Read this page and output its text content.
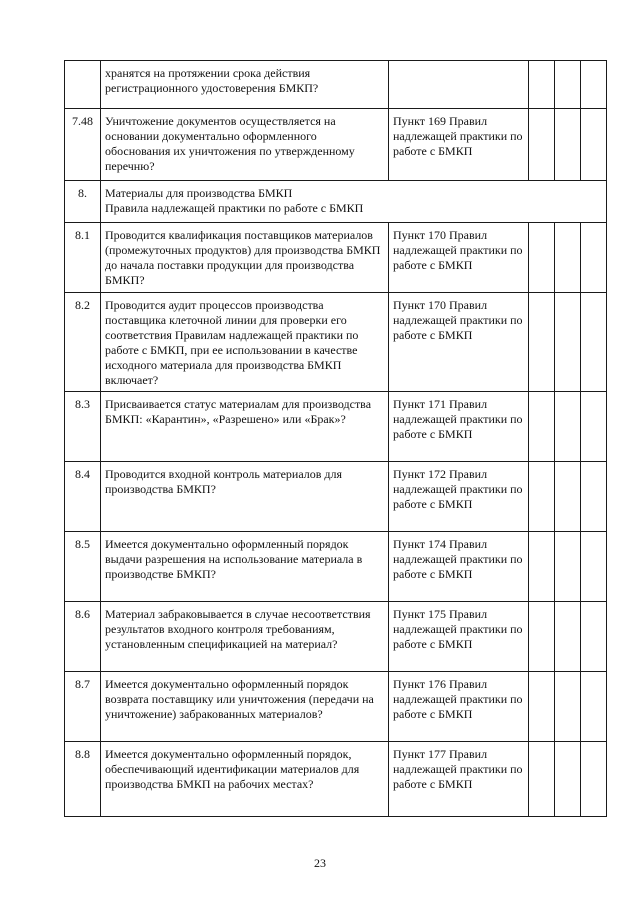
	хранятся на протяжении срока действия регистрационного удостоверения БМКП?				
7.48	Уничтожение документов осуществляется на основании документально оформленного обоснования их уничтожения по утвержденному перечню?	Пункт 169 Правил надлежащей практики по работе с БМКП			
8.	Материалы для производства БМКП
Правила надлежащей практики по работе с БМКП				

8.1	Проводится квалификация поставщиков материалов (промежуточных продуктов) для производства БМКП до начала поставки продукции для производства БМКП?	Пункт 170 Правил надлежащей практики по работе с БМКП			
8.2	Проводится аудит процессов производства поставщика клеточной линии для проверки его соответствия Правилам надлежащей практики по работе с БМКП, при ее использовании в качестве исходного материала для производства БМКП включает?	Пункт 170 Правил надлежащей практики по работе с БМКП			
8.3	Присваивается статус материалам для производства БМКП: «Карантин», «Разрешено» или «Брак»?	Пункт 171 Правил надлежащей практики по работе с БМКП			
8.4	Проводится входной контроль материалов для производства БМКП?	Пункт 172 Правил надлежащей практики по работе с БМКП			
8.5	Имеется документально оформленный порядок выдачи разрешения на использование материала в производстве БМКП?	Пункт 174 Правил надлежащей практики по работе с БМКП			
8.6	Материал забраковывается в случае несоответствия результатов входного контроля требованиям, установленным спецификацией на материал?	Пункт 175 Правил надлежащей практики по работе с БМКП			
8.7	Имеется документально оформленный порядок возврата поставщику или уничтожения (передачи на уничтожение) забракованных материалов?	Пункт 176 Правил надлежащей практики по работе с БМКП			
8.8	Имеется документально оформленный порядок, обеспечивающий идентификации материалов для производства БМКП на рабочих местах?	Пункт 177 Правил надлежащей практики по работе с БМКП			
23
